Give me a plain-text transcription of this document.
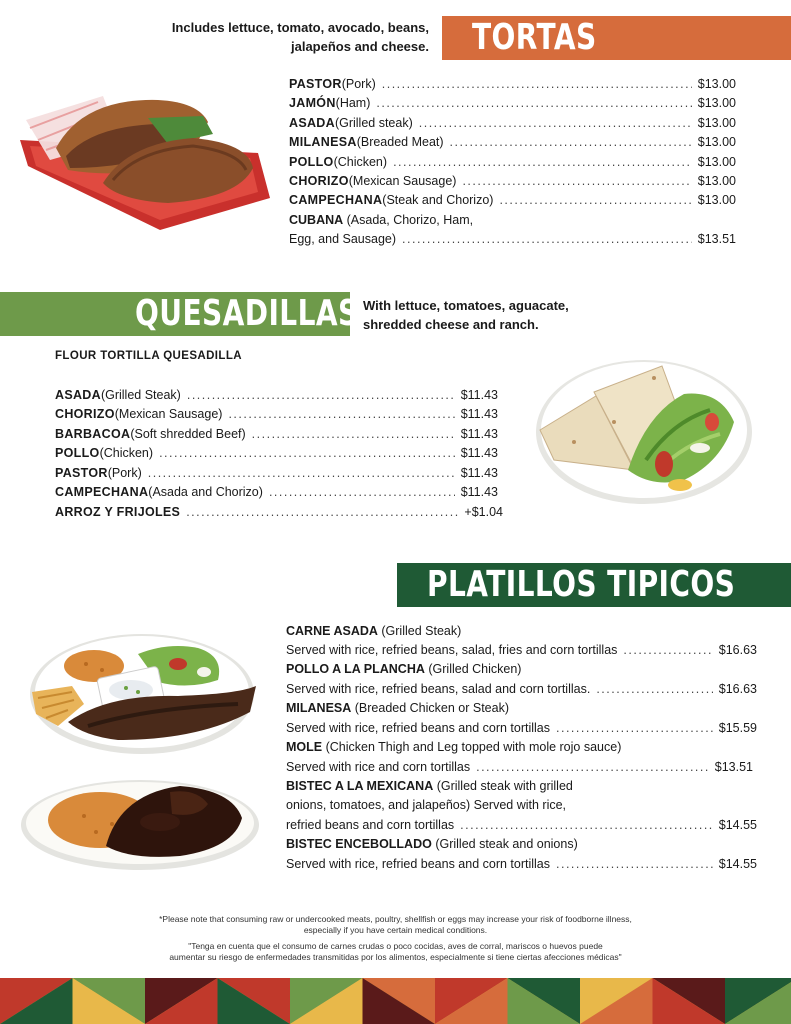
TORTAS
Includes lettuce, tomato, avocado, beans,
jalapeños and cheese.
PASTOR (Pork) .....	$13.00
JAMÓN (Ham) .....	$13.00
ASADA (Grilled steak) .....	$13.00
MILANESA (Breaded Meat) .....	$13.00
POLLO (Chicken) .....	$13.00
CHORIZO (Mexican Sausage) .....	$13.00
CAMPECHANA (Steak and Chorizo) .....	$13.00
CUBANA (Asada, Chorizo, Ham,
Egg, and Sausage) .....	$13.51
QUESADILLAS With lettuce, tomatoes, aguacate,
shredded cheese and ranch.
FLOUR TORTILLA QUESADILLA
ASADA (Grilled Steak) .....	$11.43
CHORIZO (Mexican Sausage) .....	$11.43
BARBACOA (Soft shredded Beef) .....	$11.43
POLLO (Chicken) .....	$11.43
PASTOR (Pork) .....	$11.43
CAMPECHANA (Asada and Chorizo) .....	$11.43
ARROZ Y FRIJOLES .....	+$1.04
PLATILLOS TIPICOS
CARNE ASADA (Grilled Steak)
Served with rice, refried beans, salad, fries and corn tortillas .....	$16.63
POLLO A LA PLANCHA (Grilled Chicken)
Served with rice, refried beans, salad and corn tortillas. .....	$16.63
MILANESA (Breaded Chicken or Steak)
Served with rice, refried beans and corn tortillas .....	$15.59
MOLE (Chicken Thigh and Leg topped with mole rojo sauce)
Served with rice and corn tortillas .....	$13.51
BISTEC A LA MEXICANA (Grilled steak with grilled
onions, tomatoes, and jalapeños) Served with rice,
refried beans and corn tortillas .....	$14.55
BISTEC ENCEBOLLADO (Grilled steak and onions)
Served with rice, refried beans and corn tortillas .....	$14.55
*Please note that consuming raw or undercooked meats, poultry, shellfish or eggs may increase your risk of foodborne illness,
especially if you have certain medical conditions.
"Tenga en cuenta que el consumo de carnes crudas o poco cocidas, aves de corral, mariscos o huevos puede
aumentar su riesgo de enfermedades transmitidas por los alimentos, especialmente si tiene ciertas afecciones médicas"
